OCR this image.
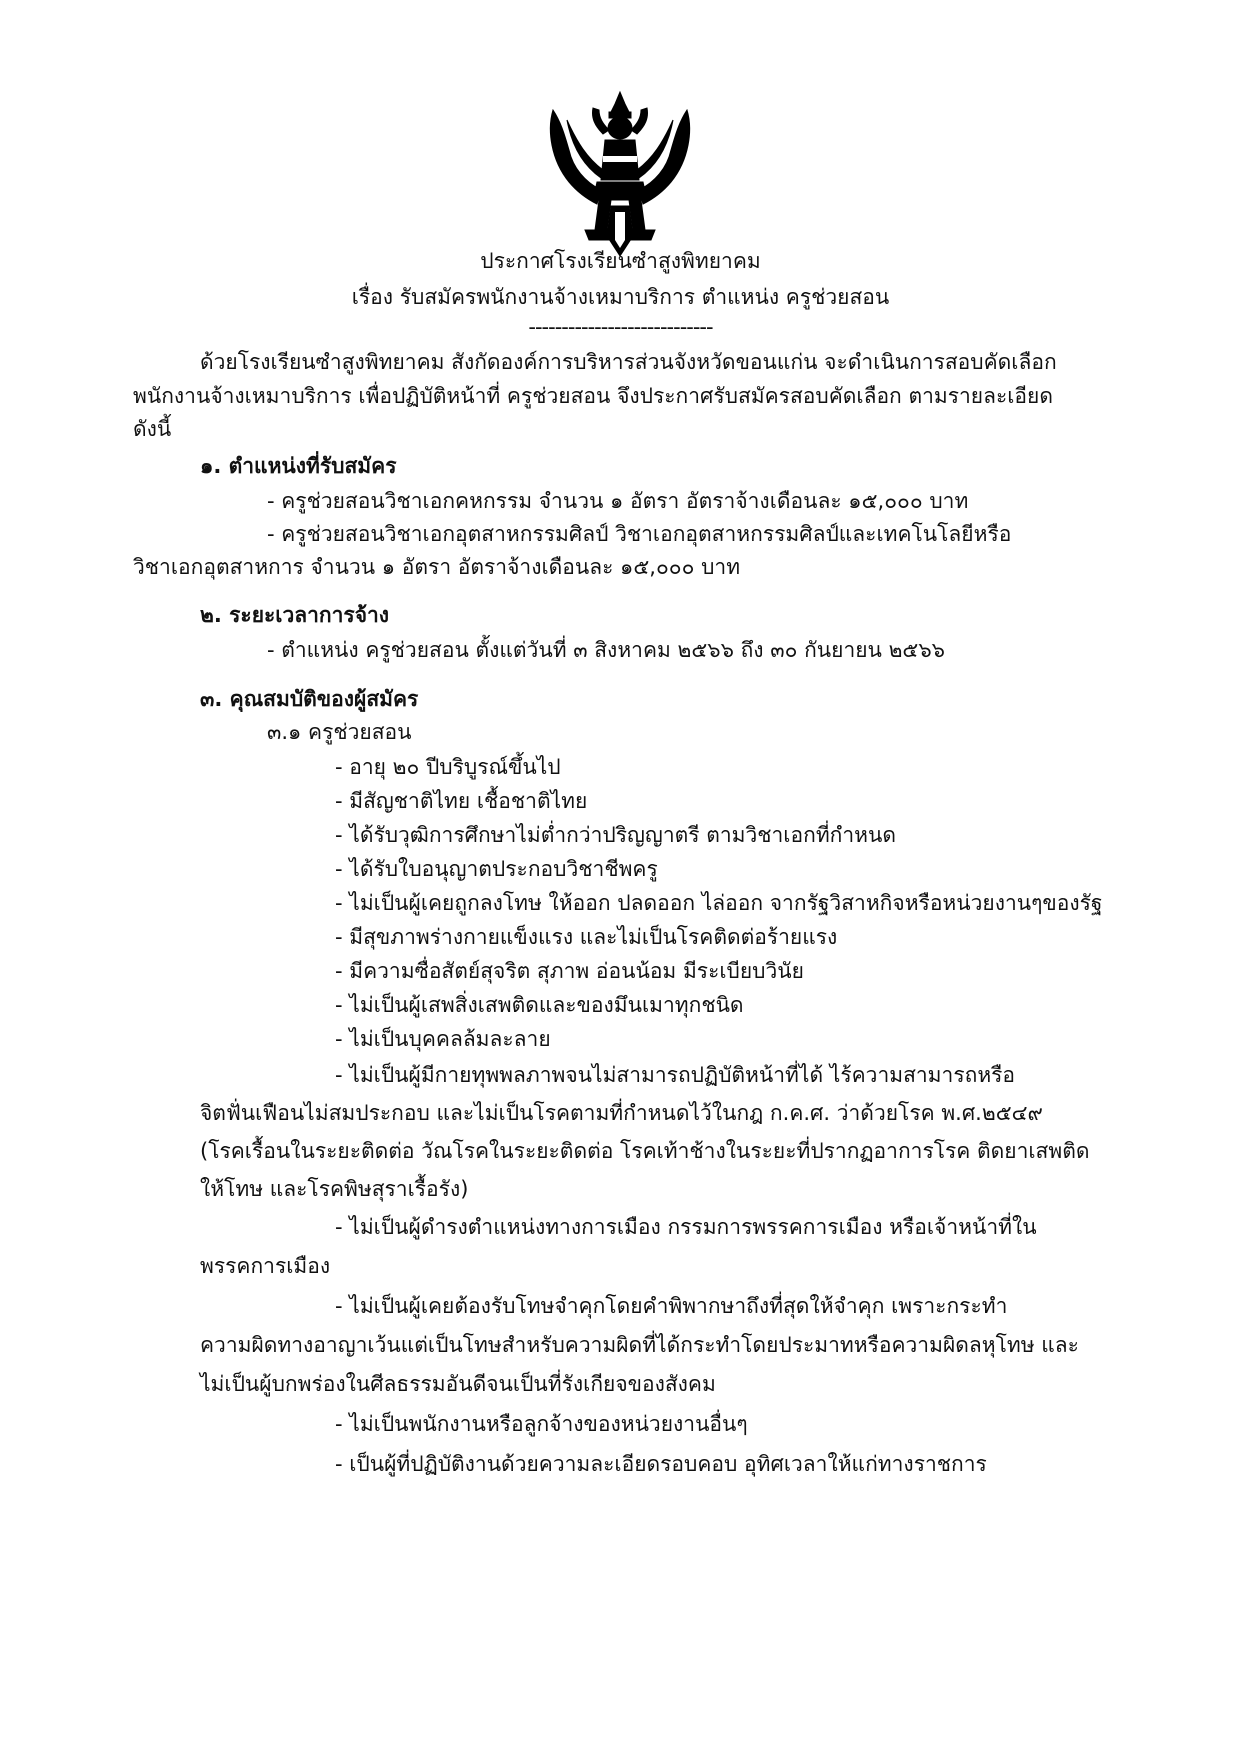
ประกาศโรงเรียนซำสูงพิทยาคม
เรื่อง รับสมัครพนักงานจ้างเหมาบริการ ตำแหน่ง ครูช่วยสอน
----------------------------
ด้วยโรงเรียนซำสูงพิทยาคม สังกัดองค์การบริหารส่วนจังหวัดขอนแก่น จะดำเนินการสอบคัดเลือก
พนักงานจ้างเหมาบริการ เพื่อปฏิบัติหน้าที่ ครูช่วยสอน จึงประกาศรับสมัครสอบคัดเลือก ตามรายละเอียด
ดังนี้
๑. ตำแหน่งที่รับสมัคร
- ครูช่วยสอนวิชาเอกคหกรรม จำนวน ๑ อัตรา อัตราจ้างเดือนละ ๑๕,๐๐๐ บาท
- ครูช่วยสอนวิชาเอกอุตสาหกรรมศิลป์ วิชาเอกอุตสาหกรรมศิลป์และเทคโนโลยีหรือ
วิชาเอกอุตสาหการ จำนวน ๑ อัตรา อัตราจ้างเดือนละ ๑๕,๐๐๐ บาท
๒. ระยะเวลาการจ้าง
- ตำแหน่ง ครูช่วยสอน ตั้งแต่วันที่ ๓ สิงหาคม ๒๕๖๖ ถึง ๓๐ กันยายน ๒๕๖๖
๓. คุณสมบัติของผู้สมัคร
๓.๑ ครูช่วยสอน
- อายุ ๒๐ ปีบริบูรณ์ขึ้นไป
- มีสัญชาติไทย เชื้อชาติไทย
- ได้รับวุฒิการศึกษาไม่ต่ำกว่าปริญญาตรี ตามวิชาเอกที่กำหนด
- ได้รับใบอนุญาตประกอบวิชาชีพครู
- ไม่เป็นผู้เคยถูกลงโทษ ให้ออก ปลดออก ไล่ออก จากรัฐวิสาหกิจหรือหน่วยงานๆของรัฐ
- มีสุขภาพร่างกายแข็งแรง และไม่เป็นโรคติดต่อร้ายแรง
- มีความซื่อสัตย์สุจริต สุภาพ อ่อนน้อม มีระเบียบวินัย
- ไม่เป็นผู้เสพสิ่งเสพติดและของมึนเมาทุกชนิด
- ไม่เป็นบุคคลล้มละลาย
- ไม่เป็นผู้มีกายทุพพลภาพจนไม่สามารถปฏิบัติหน้าที่ได้ ไร้ความสามารถหรือ
จิตฟั่นเฟือนไม่สมประกอบ และไม่เป็นโรคตามที่กำหนดไว้ในกฎ ก.ค.ศ. ว่าด้วยโรค พ.ศ.๒๕๔๙
(โรคเรื้อนในระยะติดต่อ วัณโรคในระยะติดต่อ โรคเท้าช้างในระยะที่ปรากฏอาการโรค ติดยาเสพติด
ให้โทษ และโรคพิษสุราเรื้อรัง)
- ไม่เป็นผู้ดำรงตำแหน่งทางการเมือง กรรมการพรรคการเมือง หรือเจ้าหน้าที่ใน
พรรคการเมือง
- ไม่เป็นผู้เคยต้องรับโทษจำคุกโดยคำพิพากษาถึงที่สุดให้จำคุก เพราะกระทำ
ความผิดทางอาญาเว้นแต่เป็นโทษสำหรับความผิดที่ได้กระทำโดยประมาทหรือความผิดลหุโทษ และ
ไม่เป็นผู้บกพร่องในศีลธรรมอันดีจนเป็นที่รังเกียจของสังคม
- ไม่เป็นพนักงานหรือลูกจ้างของหน่วยงานอื่นๆ
- เป็นผู้ที่ปฏิบัติงานด้วยความละเอียดรอบคอบ อุทิศเวลาให้แก่ทางราชการ
